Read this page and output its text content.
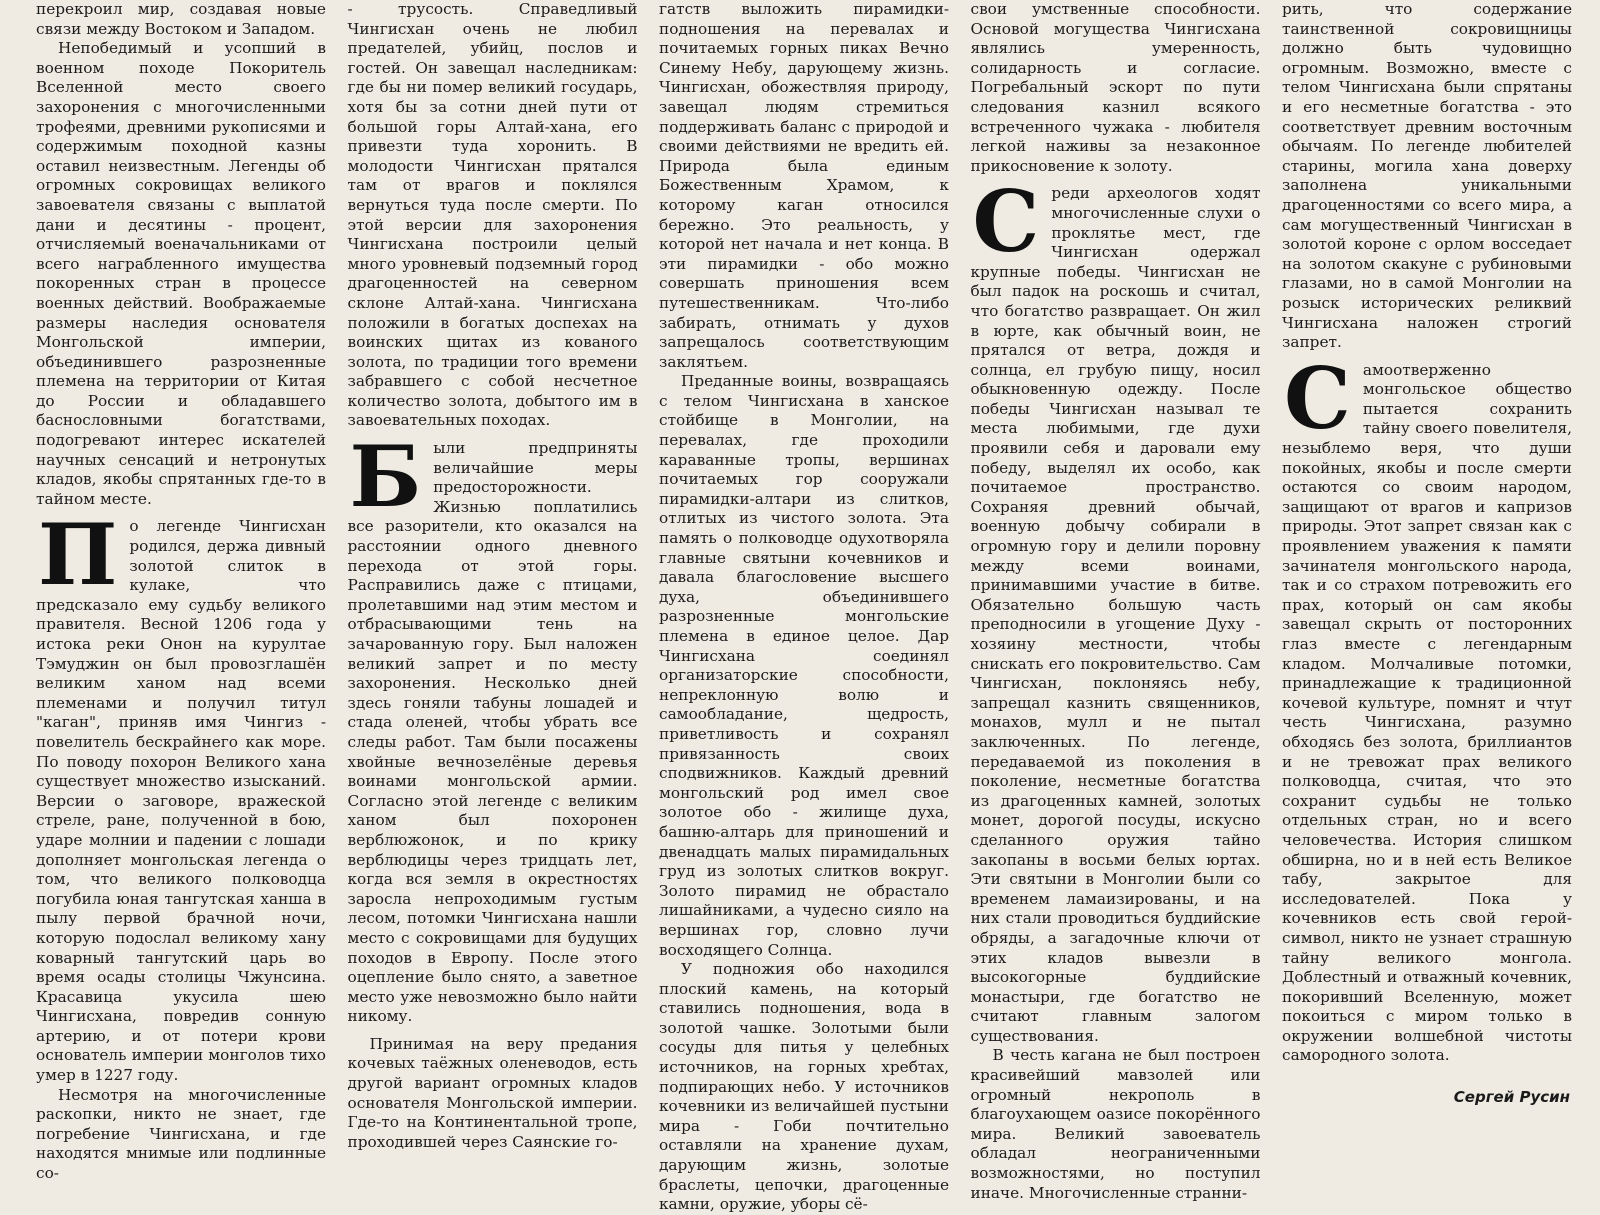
перекроил мир, создавая новые связи между Востоком и Западом.

Непобедимый и усопший в военном походе Покоритель Вселенной место своего захоронения с многочисленными трофеями, древними рукописями и содержимым походной казны оставил неизвестным. Легенды об огромных сокровищах великого завоевателя связаны с выплатой дани и десятины - процент, отчисляемый военачальниками от всего награбленного имущества покоренных стран в процессе военных действий. Воображаемые размеры наследия основателя Монгольской империи, объединившего разрозненные племена на территории от Китая до России и обладавшего баснословными богатствами, подогревают интерес искателей научных сенсаций и нетронутых кладов, якобы спрятанных где-то в тайном месте.

По легенде Чингисхан родился, держа дивный золотой слиток в кулаке, что предсказало ему судьбу великого правителя. Весной 1206 года у истока реки Онон на курултае Тэмуджин он был провозглашён великим ханом над всеми племенами и получил титул "каган", приняв имя Чингиз - повелитель бескрайнего как море. По поводу похорон Великого хана существует множество изысканий. Версии о заговоре, вражеской стреле, ране, полученной в бою, ударе молнии и падении с лошади дополняет монгольская легенда о том, что великого полководца погубила юная тангутская ханша в пылу первой брачной ночи, которую подослал великому хану коварный тангутский царь во время осады столицы Чжунсина. Красавица укусила шею Чингисхана, повредив сонную артерию, и от потери крови основатель империи монголов тихо умер в 1227 году.

Несмотря на многочисленные раскопки, никто не знает, где погребение Чингисхана, и где находятся мнимые или подлинные со-

- трусость. Справедливый Чингисхан очень не любил предателей, убийц, послов и гостей. Он завещал наследникам: где бы ни помер великий государь, хотя бы за сотни дней пути от большой горы Алтай-хана, его привезти туда хоронить. В молодости Чингисхан прятался там от врагов и поклялся вернуться туда после смерти. По этой версии для захоронения Чингисхана построили целый много уровневый подземный город драгоценностей на северном склоне Алтай-хана. Чингисхана положили в богатых доспехах на воинских щитах из кованого золота, по традиции того времени забравшего с собой несчетное количество золота, добытого им в завоевательных походах.

Были предприняты величайшие меры предосторожности. Жизнью поплатились все разорители, кто оказался на расстоянии одного дневного перехода от этой горы. Расправились даже с птицами, пролетавшими над этим местом и отбрасывающими тень на зачарованную гору. Был наложен великий запрет и по месту захоронения. Несколько дней здесь гоняли табуны лошадей и стада оленей, чтобы убрать все следы работ. Там были посажены хвойные вечнозелёные деревья воинами монгольской армии. Согласно этой легенде с великим ханом был похоронен верблюжонок, и по крику верблюдицы через тридцать лет, когда вся земля в окрестностях заросла непроходимым густым лесом, потомки Чингисхана нашли место с сокровищами для будущих походов в Европу. После этого оцепление было снято, а заветное место уже невозможно было найти никому.

Принимая на веру предания кочевых таёжных оленеводов, есть другой вариант огромных кладов основателя Монгольской империи. Где-то на Континентальной тропе, проходившей через Саянские го-

гатств выложить пирамидки-подношения на перевалах и почитаемых горных пиках Вечно Синему Небу, дарующему жизнь. Чингисхан, обожествляя природу, завещал людям стремиться поддерживать баланс с природой и своими действиями не вредить ей. Природа была единым Божественным Храмом, к которому каган относился бережно. Это реальность, у которой нет начала и нет конца. В эти пирамидки - обо можно совершать приношения всем путешественникам. Что-либо забирать, отнимать у духов запрещалось соответствующим заклятьем.

Преданные воины, возвращаясь с телом Чингисхана в ханское стойбище в Монголии, на перевалах, где проходили караванные тропы, вершинах почитаемых гор сооружали пирамидки-алтари из слитков, отлитых из чистого золота. Эта память о полководце одухотворяла главные святыни кочевников и давала благословение высшего духа, объединившего разрозненные монгольские племена в единое целое. Дар Чингисхана соединял организаторские способности, непреклонную волю и самообладание, щедрость, приветливость и сохранял привязанность своих сподвижников. Каждый древний монгольский род имел свое золотое обо - жилище духа, башню-алтарь для приношений и двенадцать малых пирамидальных груд из золотых слитков вокруг. Золото пирамид не обрастало лишайниками, а чудесно сияло на вершинах гор, словно лучи восходящего Солнца.

У подножия обо находился плоский камень, на который ставились подношения, вода в золотой чашке. Золотыми были сосуды для питья у целебных источников, на горных хребтах, подпирающих небо. У источников кочевники из величайшей пустыни мира - Гоби почтительно оставляли на хранение духам, дарующим жизнь, золотые браслеты, цепочки, драгоценные камни, оружие, уборы сё-

свои умственные способности. Основой могущества Чингисхана являлись умеренность, солидарность и согласие. Погребальный эскорт по пути следования казнил всякого встреченного чужака - любителя легкой наживы за незаконное прикосновение к золоту.

Среди археологов ходят многочисленные слухи о проклятье мест, где Чингисхан одержал крупные победы. Чингисхан не был падок на роскошь и считал, что богатство развращает. Он жил в юрте, как обычный воин, не прятался от ветра, дождя и солнца, ел грубую пищу, носил обыкновенную одежду. После победы Чингисхан называл те места любимыми, где духи проявили себя и даровали ему победу, выделял их особо, как почитаемое пространство. Сохраняя древний обычай, военную добычу собирали в огромную гору и делили поровну между всеми воинами, принимавшими участие в битве. Обязательно большую часть преподносили в угощение Духу - хозяину местности, чтобы снискать его покровительство. Сам Чингисхан, поклоняясь небу, запрещал казнить священников, монахов, мулл и не пытал заключенных. По легенде, передаваемой из поколения в поколение, несметные богатства из драгоценных камней, золотых монет, дорогой посуды, искусно сделанного оружия тайно закопаны в восьми белых юртах. Эти святыни в Монголии были со временем ламаизированы, и на них стали проводиться буддийские обряды, а загадочные ключи от этих кладов вывезли в высокогорные буддийские монастыри, где богатство не считают главным залогом существования.

В честь кагана не был построен красивейший мавзолей или огромный некрополь в благоухающем оазисе покорённого мира. Великий завоеватель обладал неограниченными возможностями, но поступил иначе. Многочисленные странни-

рить, что содержание таинственной сокровищницы должно быть чудовищно огромным. Возможно, вместе с телом Чингисхана были спрятаны и его несметные богатства - это соответствует древним восточным обычаям. По легенде любителей старины, могила хана доверху заполнена уникальными драгоценностями со всего мира, а сам могущественный Чингисхан в золотой короне с орлом восседает на золотом скакуне с рубиновыми глазами, но в самой Монголии на розыск исторических реликвий Чингисхана наложен строгий запрет.

Самоотверженно монгольское общество пытается сохранить тайну своего повелителя, незыблемо веря, что души покойных, якобы и после смерти остаются со своим народом, защищают от врагов и капризов природы. Этот запрет связан как с проявлением уважения к памяти зачинателя монгольского народа, так и со страхом потревожить его прах, который он сам якобы завещал скрыть от посторонних глаз вместе с легендарным кладом. Молчаливые потомки, принадлежащие к традиционной кочевой культуре, помнят и чтут честь Чингисхана, разумно обходясь без золота, бриллиантов и не тревожат прах великого полководца, считая, что это сохранит судьбы не только отдельных стран, но и всего человечества. История слишком обширна, но и в ней есть Великое табу, закрытое для исследователей. Пока у кочевников есть свой герой-символ, никто не узнает страшную тайну великого монгола. Доблестный и отважный кочевник, покоривший Вселенную, может покоиться с миром только в окружении волшебной чистоты самородного золота.

Сергей Русин
